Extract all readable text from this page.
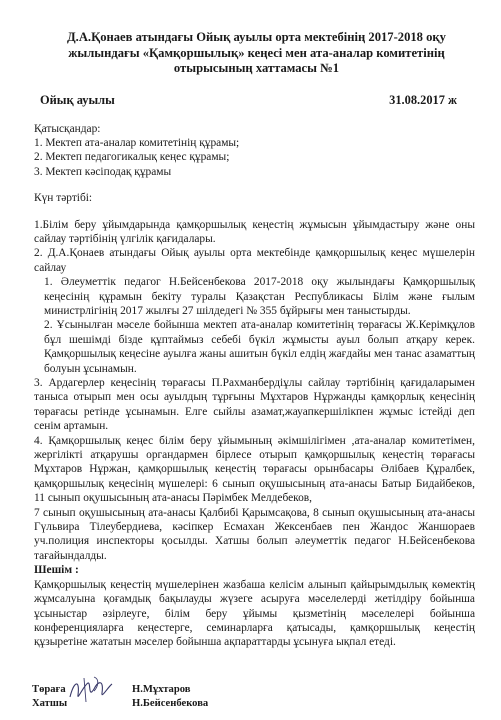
Д.А.Қонаев атындағы Ойық ауылы орта мектебінің 2017-2018 оқу
жылындағы «Қамқоршылық» кеңесі мен ата-аналар комитетінің
отырысының хаттамасы №1
Ойық ауылы	31.08.2017 ж

Қатысқандар:

1. Мектеп ата-аналар комитетінің құрамы;

2. Мектеп педагогикалық кеңес құрамы;

3. Мектеп кәсіподақ құрамы

Күн тәртібі:

1.Білім беру ұйымдарында қамқоршылық кеңестің жұмысын ұйымдастыру және оны сайлау тәртібінің үлгілік қағидалары.

2. Д.А.Қонаев атындағы Ойық ауылы орта мектебінде қамқоршылық кеңес мүшелерін сайлау

1. Әлеуметтік педагог Н.Бейсенбекова 2017-2018 оқу жылындағы Қамқоршылық кеңесінің құрамын бекіту туралы Қазақстан Республикасы Білім және ғылым министрлігінің 2017 жылғы 27 шілдедегі № 355 бұйрығы мен таныстырды.

2. Ұсынылған мәселе бойынша мектеп ата-аналар комитетінің төрағасы Ж.Керімқұлов бұл шешімді бізде құптаймыз себебі бүкіл жұмысты ауыл болып атқару керек. Қамқоршылық кеңесіне ауылға жаны ашитын бүкіл елдің жағдайы мен танас азаматтың болуын ұсынамын.

3. Ардагерлер кеңесінің төрағасы П.Рахманбердіұлы сайлау тәртібінің қағидаларымен таныса отырып мен осы ауылдың тұрғыны Мұхтаров Нұржанды қамқорлық кеңесінің төрағасы ретінде ұсынамын. Елге сыйлы азамат,жауапкершілікпен жұмыс істейді деп сенім артамын.

4. Қамқоршылық кеңес білім беру ұйымының әкімшілігімен ,ата-аналар комитетімен, жергілікті атқарушы органдармен бірлесе отырып қамқоршылық кеңестің төрағасы Мұхтаров Нұржан, қамқоршылық кеңестің төрағасы орынбасары Әлібаев Құралбек, қамқоршылық кеңесінің мүшелері: 6 сынып оқушысының ата-анасы Батыр Бидайбеков, 11 сынып оқушысының ата-анасы Пәрімбек Мелдебеков,

7 сынып оқушысының ата-анасы Қалбибі Қарымсақова, 8 сынып оқушысының ата-анасы Гүльвира Тілеубердиева, кәсіпкер Есмахан Жексенбаев пен Жандос Жаншораев уч.полиция инспекторы қосылды. Хатшы болып әлеуметтік педагог Н.Бейсенбекова тағайындалды.

Шешім :

Қамқоршылық кеңестің мүшелерінен жазбаша келісім алынып қайырымдылық көмектің жұмсалуына қоғамдық бақылауды жүзеге асыруға мәселелерді жетілдіру бойынша ұсыныстар әзірлеуге, білім беру ұйымы қызметінің мәселелері бойынша конференцияларға кеңестерге, семинарларға қатысады, қамқоршылық кеңестің құзыретіне жататын мәселер бойынша ақпараттарды ұсынуға ықпал етеді.

Төраға	Н.Мұхтаров
Хатшы	Н.Бейсенбекова
